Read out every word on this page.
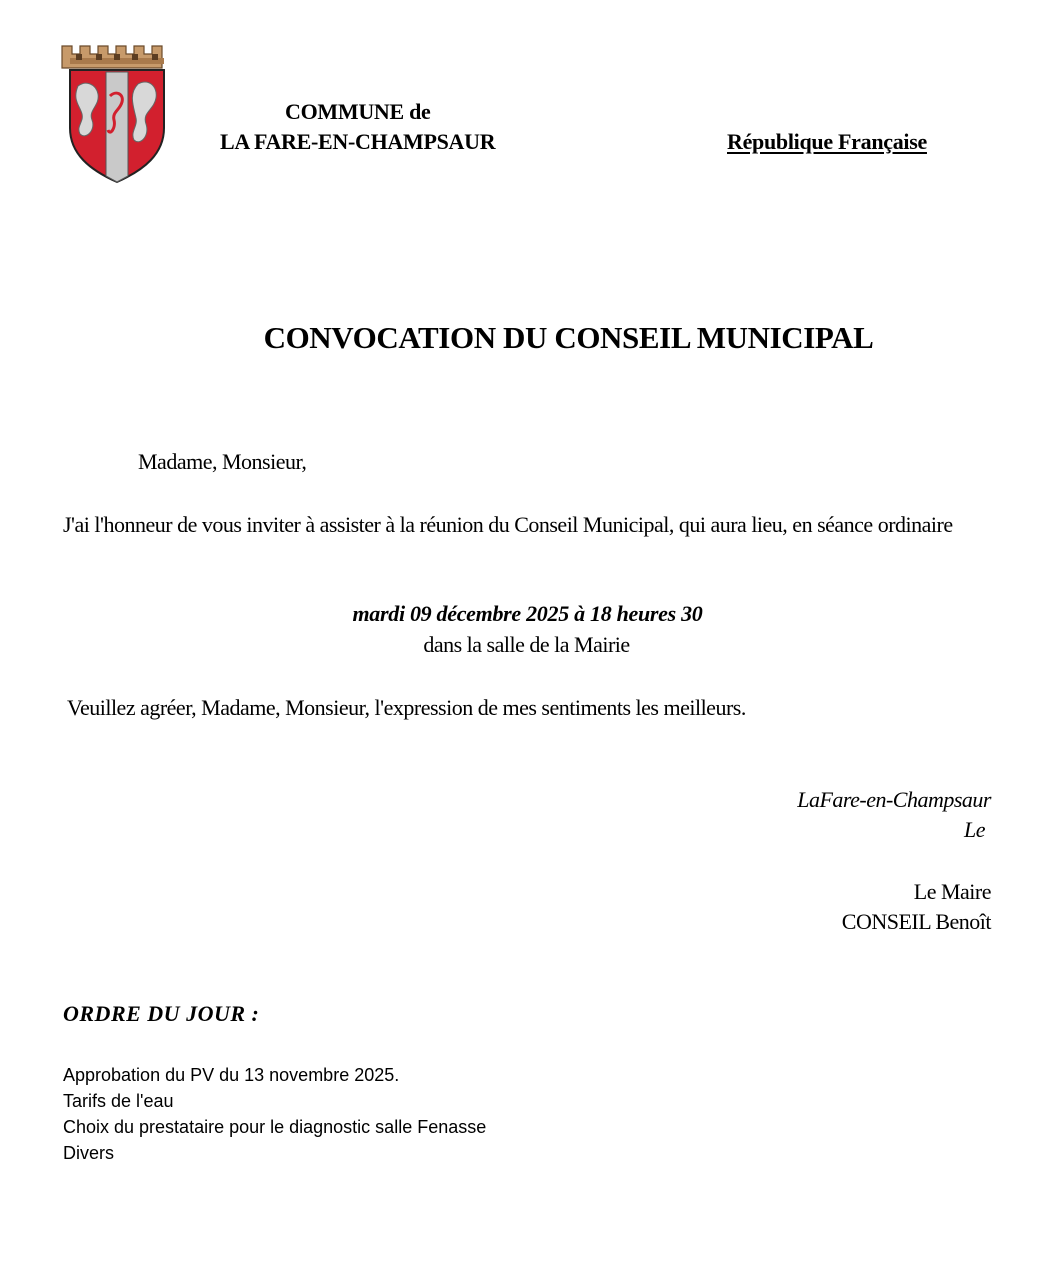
COMMUNE de
LA FARE-EN-CHAMPSAUR	République Française
CONVOCATION DU CONSEIL MUNICIPAL
Madame, Monsieur,
J'ai l'honneur de vous inviter à assister à la réunion du Conseil Municipal, qui aura lieu, en séance ordinaire
mardi 09 décembre 2025 à 18 heures 30
dans la salle de la Mairie
Veuillez agréer, Madame, Monsieur, l'expression de mes sentiments les meilleurs.
LaFare-en-Champsaur
Le
Le Maire
CONSEIL Benoît
ORDRE DU JOUR :
Approbation du PV du 13 novembre 2025.
Tarifs de l'eau
Choix du prestataire pour le diagnostic salle Fenasse
Divers
